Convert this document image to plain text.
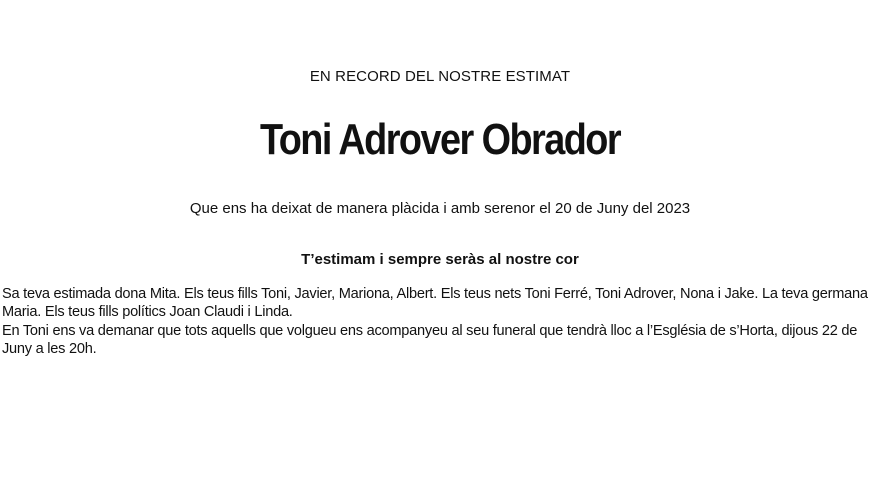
EN RECORD DEL NOSTRE ESTIMAT
Toni Adrover Obrador
Que ens ha deixat de manera plàcida i amb serenor el 20 de Juny del 2023
T’estimam i sempre seràs al nostre cor

Sa teva estimada dona Mita. Els teus fills Toni, Javier, Mariona, Albert. Els teus nets Toni Ferré, Toni Adrover, Nona i Jake. La teva germana Maria. Els teus fills polítics Joan Claudi i Linda.

En Toni ens va demanar que tots aquells que volgueu ens acompanyeu al seu funeral que tendrà lloc a l’Església de s’Horta, dijous 22 de Juny a les 20h.
